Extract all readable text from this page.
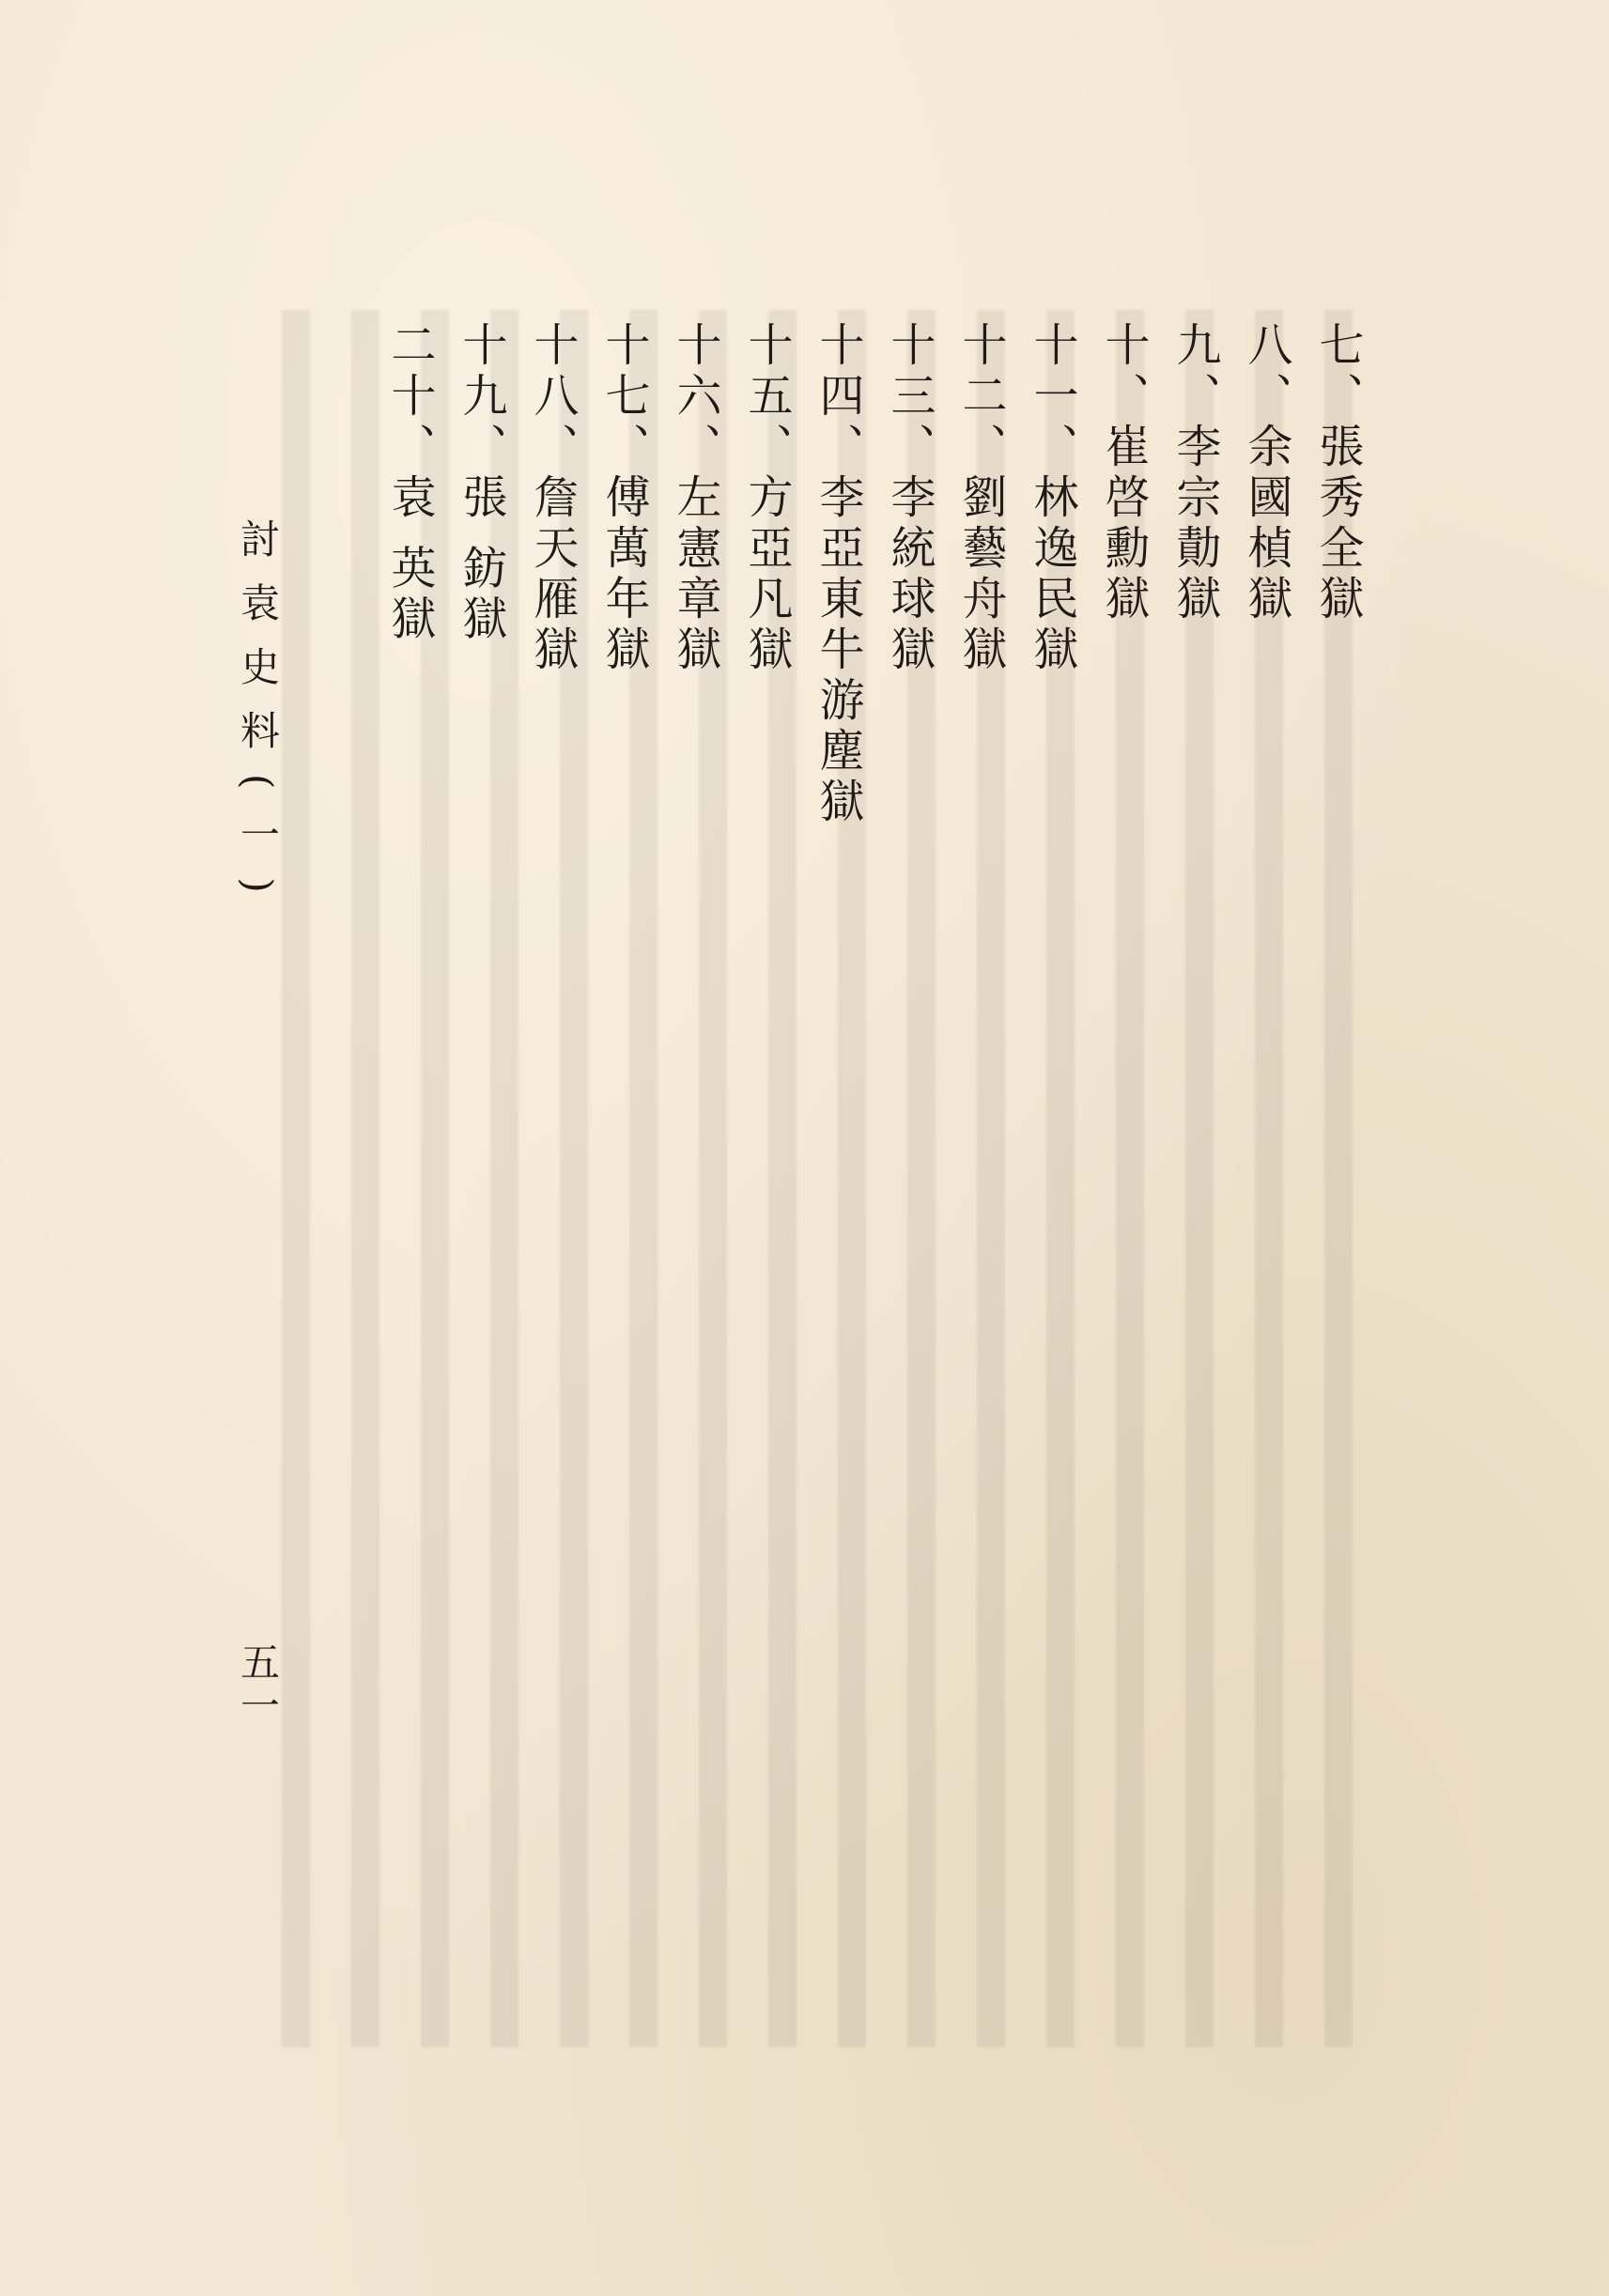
七、張秀全獄
八、余國楨獄
九、李宗勣獄
十、崔啓勳獄
十一、林逸民獄
十二、劉藝舟獄
十三、李統球獄
十四、李亞東牛游塵獄
十五、方亞凡獄
十六、左憲章獄
十七、傅萬年獄
十八、詹天雁獄
十九、張 鈁獄
二十、袁 英獄
討袁史料(一)
五一
